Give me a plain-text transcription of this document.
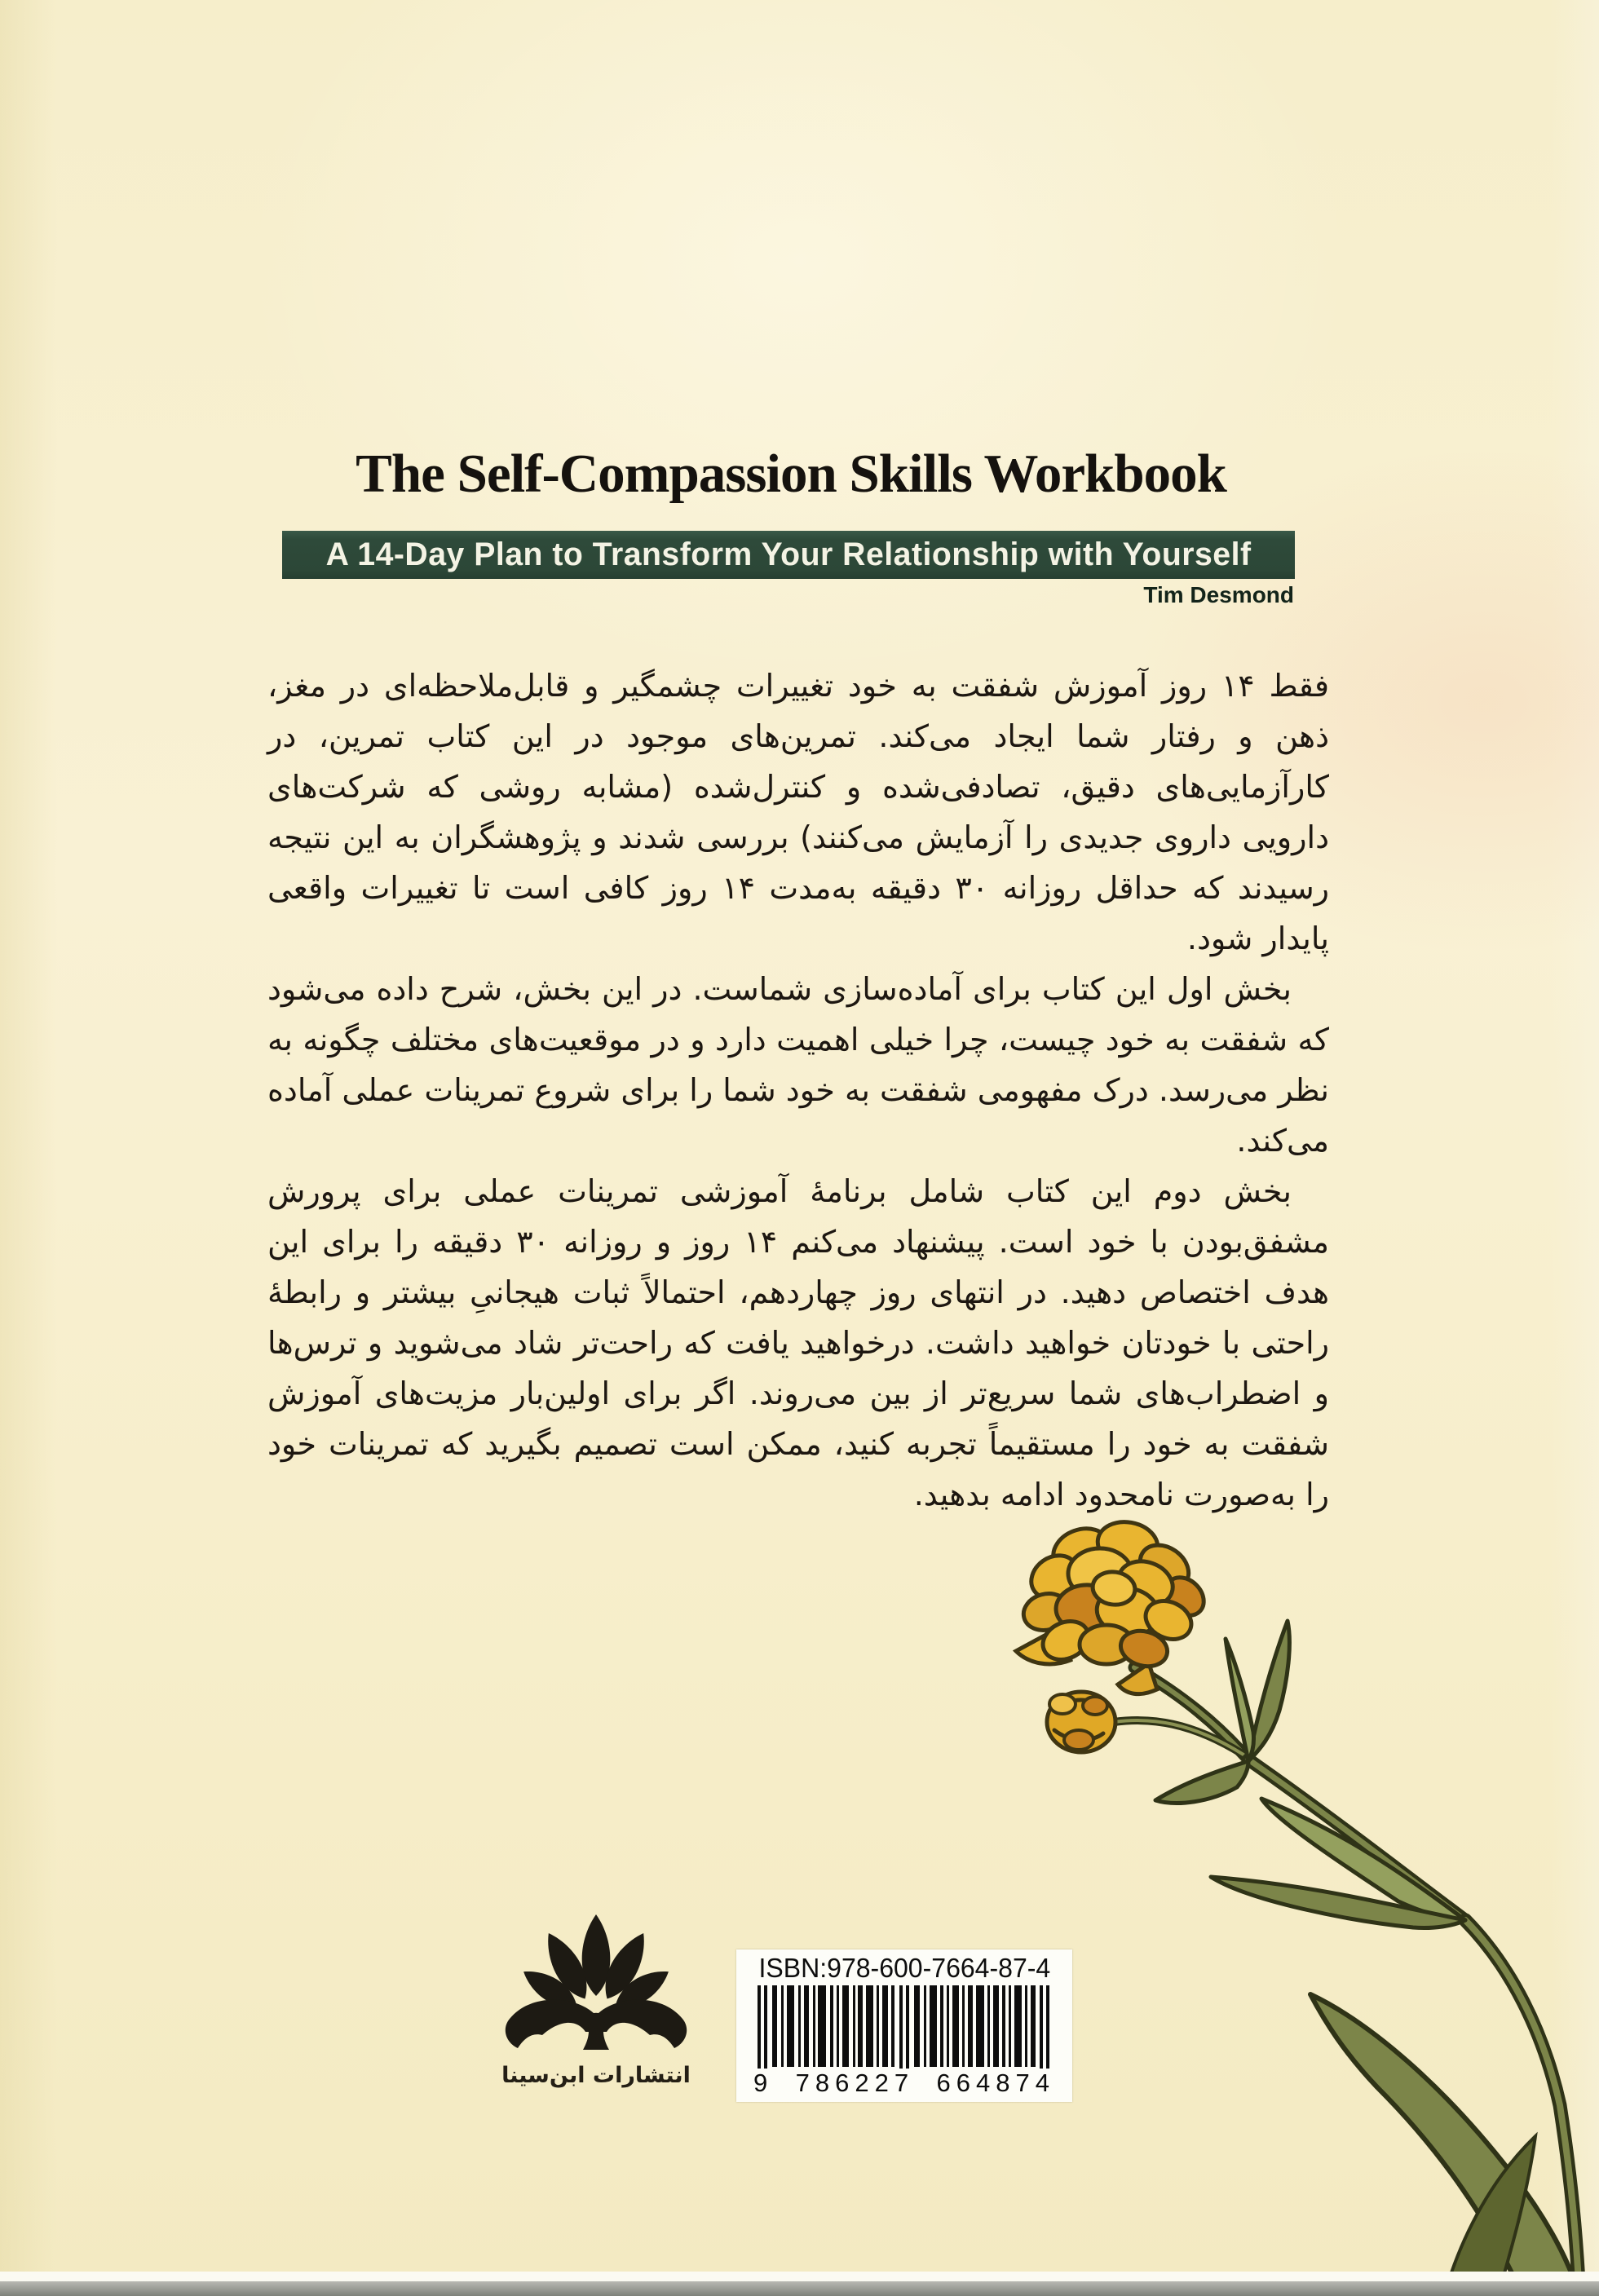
The Self-Compassion Skills Workbook
A 14-Day Plan to Transform Your Relationship with Yourself
Tim Desmond

فقط ۱۴ روز آموزش شفقت به خود تغییرات چشمگیر و قابل‌ملاحظه‌ای در مغز، ذهن و رفتار شما ایجاد می‌کند. تمرین‌های موجود در این کتاب تمرین، در کارآزمایی‌های دقیق، تصادفی‌شده و کنترل‌شده (مشابه روشی که شرکت‌های دارویی داروی جدیدی را آزمایش می‌کنند) بررسی شدند و پژوهشگران به این نتیجه رسیدند که حداقل روزانه ۳۰ دقیقه به‌مدت ۱۴ روز کافی است تا تغییرات واقعی پایدار شود.

بخش اول این کتاب برای آماده‌سازی شماست. در این بخش، شرح داده می‌شود که شفقت به خود چیست، چرا خیلی اهمیت دارد و در موقعیت‌های مختلف چگونه به نظر می‌رسد. درک مفهومی شفقت به خود شما را برای شروع تمرینات عملی آماده می‌کند.

بخش دوم این کتاب شامل برنامهٔ آموزشی تمرینات عملی برای پرورش مشفق‌بودن با خود است. پیشنهاد می‌کنم ۱۴ روز و روزانه ۳۰ دقیقه را برای این هدف اختصاص دهید. در انتهای روز چهاردهم، احتمالاً ثبات هیجانیِ بیشتر و رابطهٔ راحتی با خودتان خواهید داشت. درخواهید یافت که راحت‌تر شاد می‌شوید و ترس‌ها و اضطراب‌های شما سریع‌تر از بین می‌روند. اگر برای اولین‌بار مزیت‌های آموزش شفقت به خود را مستقیماً تجربه کنید، ممکن است تصمیم بگیرید که تمرینات خود را به‌صورت نامحدود ادامه بدهید.

انتشارات ابن‌سینا
ISBN:978-600-7664-87-4
9 786227 664874
